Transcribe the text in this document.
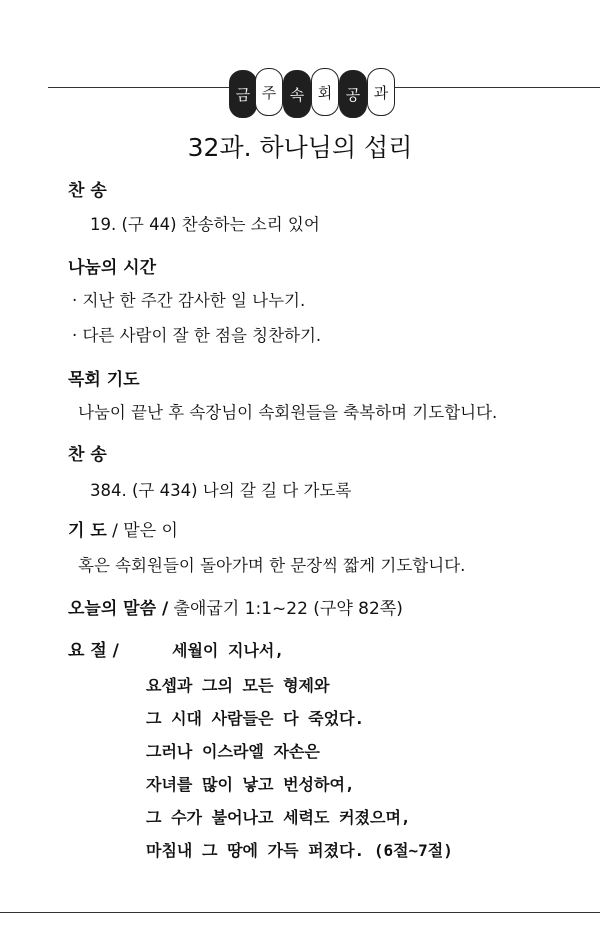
금 주 속 회 공 과
32과. 하나님의 섭리
찬 송
19. (구 44) 찬송하는 소리 있어
나눔의 시간
· 지난 한 주간 감사한 일 나누기.
· 다른 사람이 잘 한 점을 칭찬하기.
목회 기도
나눔이 끝난 후 속장님이 속회원들을 축복하며 기도합니다.
찬 송
384. (구 434) 나의 갈 길 다 가도록
기 도 / 맡은 이
혹은 속회원들이 돌아가며 한 문장씩 짧게 기도합니다.
오늘의 말씀 / 출애굽기 1:1~22 (구약 82쪽)
요 절 /	세월이 지나서,
요셉과 그의 모든 형제와
그 시대 사람들은 다 죽었다.
그러나 이스라엘 자손은
자녀를 많이 낳고 번성하여,
그 수가 불어나고 세력도 커졌으며,
마침내 그 땅에 가득 퍼졌다. (6절~7절)
